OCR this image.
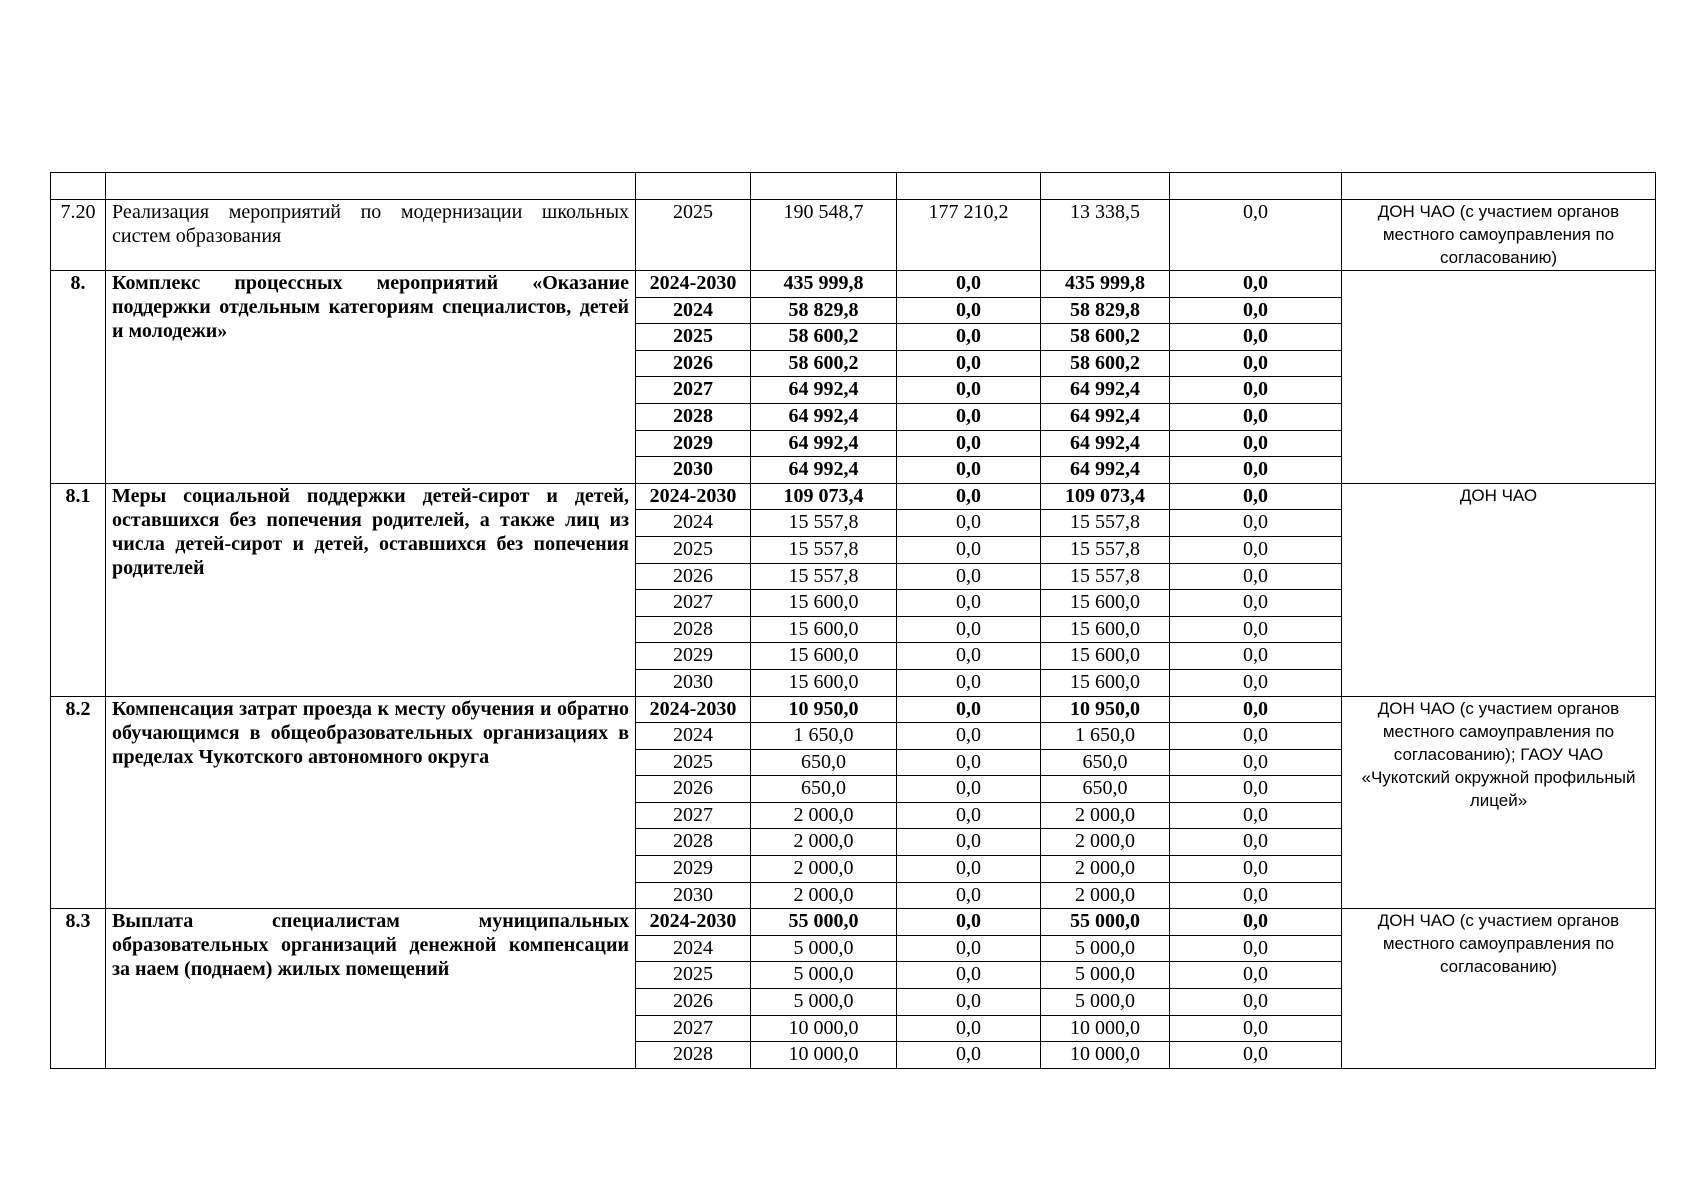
7.20	Реализация мероприятий по модернизации школьных систем образования	2025	190 548,7	177 210,2	13 338,5	0,0	ДОН ЧАО (с участием органов местного самоуправления по согласованию)
8.	Комплекс процессных мероприятий «Оказание поддержки отдельным категориям специалистов, детей и молодежи»	2024-2030	435 999,8	0,0	435 999,8	0,0	
		2024	58 829,8	0,0	58 829,8	0,0	
		2025	58 600,2	0,0	58 600,2	0,0	
		2026	58 600,2	0,0	58 600,2	0,0	
		2027	64 992,4	0,0	64 992,4	0,0	
		2028	64 992,4	0,0	64 992,4	0,0	
		2029	64 992,4	0,0	64 992,4	0,0	
		2030	64 992,4	0,0	64 992,4	0,0	
8.1	Меры социальной поддержки детей-сирот и детей, оставшихся без попечения родителей, а также лиц из числа детей-сирот и детей, оставшихся без попечения родителей	2024-2030	109 073,4	0,0	109 073,4	0,0	ДОН ЧАО
		2024	15 557,8	0,0	15 557,8	0,0	
		2025	15 557,8	0,0	15 557,8	0,0	
		2026	15 557,8	0,0	15 557,8	0,0	
		2027	15 600,0	0,0	15 600,0	0,0	
		2028	15 600,0	0,0	15 600,0	0,0	
		2029	15 600,0	0,0	15 600,0	0,0	
		2030	15 600,0	0,0	15 600,0	0,0	
8.2	Компенсация затрат проезда к месту обучения и обратно обучающимся в общеобразовательных организациях в пределах Чукотского автономного округа	2024-2030	10 950,0	0,0	10 950,0	0,0	ДОН ЧАО (с участием органов местного самоуправления по согласованию); ГАОУ ЧАО «Чукотский окружной профильный лицей»
		2024	1 650,0	0,0	1 650,0	0,0	
		2025	650,0	0,0	650,0	0,0	
		2026	650,0	0,0	650,0	0,0	
		2027	2 000,0	0,0	2 000,0	0,0	
		2028	2 000,0	0,0	2 000,0	0,0	
		2029	2 000,0	0,0	2 000,0	0,0	
		2030	2 000,0	0,0	2 000,0	0,0	
8.3	Выплата специалистам муниципальных образовательных организаций денежной компенсации за наем (поднаем) жилых помещений	2024-2030	55 000,0	0,0	55 000,0	0,0	ДОН ЧАО (с участием органов местного самоуправления по согласованию)
		2024	5 000,0	0,0	5 000,0	0,0	
		2025	5 000,0	0,0	5 000,0	0,0	
		2026	5 000,0	0,0	5 000,0	0,0	
		2027	10 000,0	0,0	10 000,0	0,0	
		2028	10 000,0	0,0	10 000,0	0,0	
